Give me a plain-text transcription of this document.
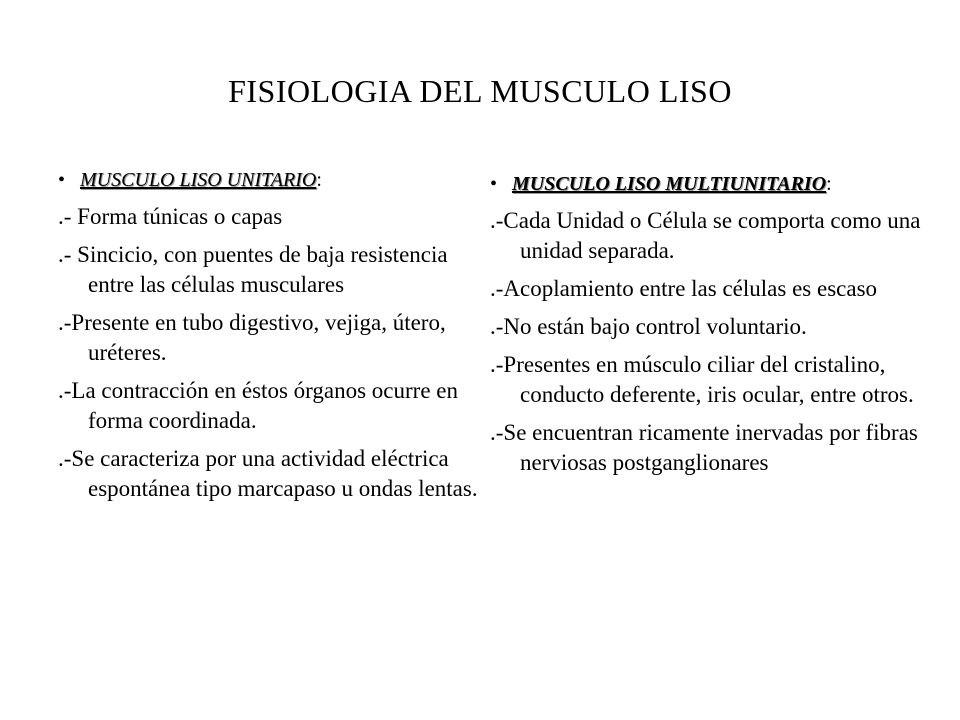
FISIOLOGIA DEL MUSCULO LISO
• MUSCULO LISO UNITARIO :
.- Forma túnicas o capas
.- Sincicio, con puentes de baja resistencia entre las células musculares
.-Presente en tubo digestivo, vejiga, útero, uréteres.
.-La contracción en éstos órganos ocurre en forma coordinada.
.-Se caracteriza por una actividad eléctrica espontánea tipo marcapaso u ondas lentas.
• MUSCULO LISO MULTIUNITARIO :
.-Cada Unidad o Célula se comporta como una unidad separada.
.-Acoplamiento entre las células es escaso
.-No están bajo control voluntario.
.-Presentes en músculo ciliar del cristalino, conducto deferente, iris ocular, entre otros.
.-Se encuentran ricamente inervadas por fibras nerviosas postganglionares
